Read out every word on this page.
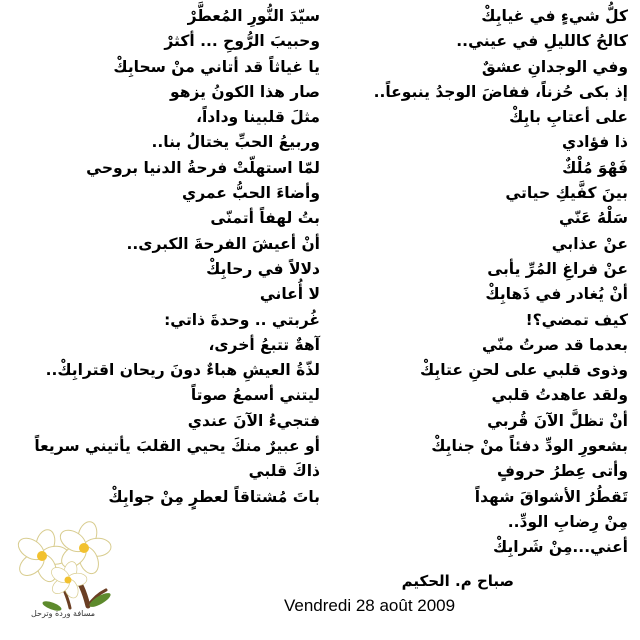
كلُّ شيءٍ في غيابِكْ
كالحُ كالليلِ في عيني..
وفي الوجدانِ عشقٌ
إذ بكى حُزناً، ففاضَ الوجدُ ينبوعاً..
على أعتابِ بابِكْ
ذا فؤادي
فَهْوَ مُلْكٌ
بينَ كفَّيكِ حياتي
سَلْهُ عَنّي
عنْ عذابي
عنْ فراغِ المُرِّ يأبى
أنْ يُغادر في ذَهابِكْ
كيف تمضي؟!
بعدما قد صرتُ منّي
وذوى قلبي على لحنِ عتابِكْ
ولقد عاهدتُ قلبي
أنْ تظلَّ الآنَ قُربي
بشعورِ الودِّ دفئاً منْ جنابِكْ
وأتى عِطرُ حروفٍ
تَقطُرُ الأشواقَ شهداً
مِنْ رِضابِ الودِّ..
أعني...مِنْ شَرابِكْ
سيّدَ النُّورِ المُعطَّرْ
وحبيبَ الرُّوحِ ... أكثرْ
يا غياثاً قد أتاني منْ سحابِكْ
صار هذا الكونُ يزهو
مثلَ قلبينا وداداً،
وربيعُ الحبِّ يختالُ بنا..
لمّا استهلّتْ فرحةُ الدنيا بروحي
وأضاءَ الحبُّ عمري
بتُ لهفاً أتمنّى
أنْ أعيشَ الفرحةَ الكبرى..
دلالاً في رحابِكْ
لا أُعاني
غُربتي .. وحدةَ ذاتي:
آهةٌ تتبعُ أخرى،
لذّةُ العيشِ هباءٌ دونَ ريحان اقترابِكْ..
ليتني أسمعُ صوتاً
فتجيءُ الآنَ عندي
أو عبيرٌ منكَ يحيي القلبَ يأتيني سريعاً
ذاكَ قلبي
باتَ مُشتاقاً لعطرٍ مِنْ جوابِكْ
صباح م. الحكيم
Vendredi 28 août 2009
مسافة وردة وترحل
